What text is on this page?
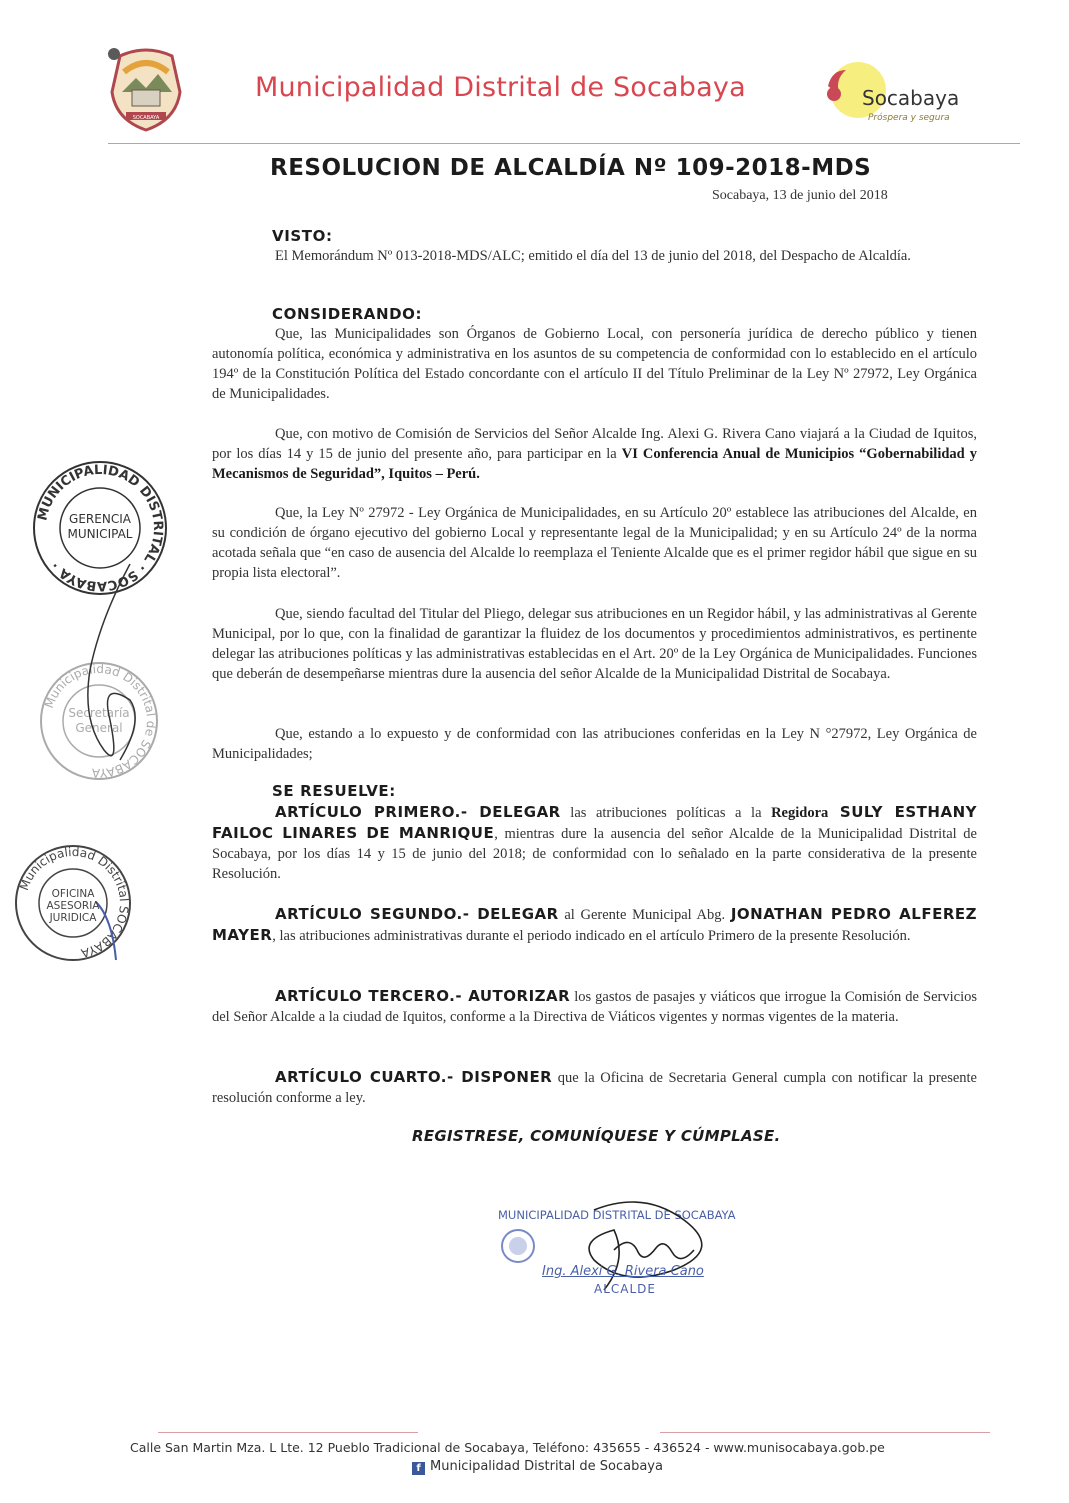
SOCABAYA
Municipalidad Distrital de Socabaya	Socabaya
Próspera y segura
RESOLUCION DE ALCALDÍA Nº 109-2018-MDS
Socabaya, 13 de junio del 2018
VISTO:
El Memorándum Nº 013-2018-MDS/ALC; emitido el día del 13 de junio del 2018, del Despacho de Alcaldía.
CONSIDERANDO:
Que, las Municipalidades son Órganos de Gobierno Local, con personería jurídica de derecho público y tienen autonomía política, económica y administrativa en los asuntos de su competencia de conformidad con lo establecido en el artículo 194º de la Constitución Política del Estado concordante con el artículo II del Título Preliminar de la Ley Nº 27972, Ley Orgánica de Municipalidades.
Que, con motivo de Comisión de Servicios del Señor Alcalde Ing. Alexi G. Rivera Cano viajará a la Ciudad de Iquitos, por los días 14 y 15 de junio del presente año, para participar en la VI Conferencia Anual de Municipios “Gobernabilidad y Mecanismos de Seguridad”, Iquitos – Perú.
Que, la Ley Nº 27972 - Ley Orgánica de Municipalidades, en su Artículo 20º establece las atribuciones del Alcalde, en su condición de órgano ejecutivo del gobierno Local y representante legal de la Municipalidad; y en su Artículo 24º de la norma acotada señala que “en caso de ausencia del Alcalde lo reemplaza el Teniente Alcalde que es el primer regidor hábil que sigue en su propia lista electoral”.
Que, siendo facultad del Titular del Pliego, delegar sus atribuciones en un Regidor hábil, y las administrativas al Gerente Municipal, por lo que, con la finalidad de garantizar la fluidez de los documentos y procedimientos administrativos, es pertinente delegar las atribuciones políticas y las administrativas establecidas en el Art. 20º de la Ley Orgánica de Municipalidades. Funciones que deberán de desempeñarse mientras dure la ausencia del señor Alcalde de la Municipalidad Distrital de Socabaya.
Que, estando a lo expuesto y de conformidad con las atribuciones conferidas en la Ley N °27972, Ley Orgánica de Municipalidades;
SE RESUELVE:
ARTÍCULO PRIMERO.- DELEGAR las atribuciones políticas a la Regidora SULY ESTHANY FAILOC LINARES DE MANRIQUE, mientras dure la ausencia del señor Alcalde de la Municipalidad Distrital de Socabaya, por los días 14 y 15 de junio del 2018; de conformidad con lo señalado en la parte considerativa de la presente Resolución.
ARTÍCULO SEGUNDO.- DELEGAR al Gerente Municipal Abg. JONATHAN PEDRO ALFEREZ MAYER, las atribuciones administrativas durante el periodo indicado en el artículo Primero de la presente Resolución.
ARTÍCULO TERCERO.- AUTORIZAR los gastos de pasajes y viáticos que irrogue la Comisión de Servicios del Señor Alcalde a la ciudad de Iquitos, conforme a la Directiva de Viáticos vigentes y normas vigentes de la materia.
ARTÍCULO CUARTO.- DISPONER que la Oficina de Secretaria General cumpla con notificar la presente resolución conforme a ley.
REGISTRESE, COMUNÍQUESE Y CÚMPLASE.
MUNICIPALIDAD DISTRITAL · SOCABAYA ·
GERENCIA
MUNICIPAL
Municipalidad Distrital de SOCABAYA
Secretaría
General
Municipalidad Distrital SOCABAYA
OFICINA
ASESORIA
JURIDICA
MUNICIPALIDAD DISTRITAL DE SOCABAYA
Ing. Alexi G. Rivera Cano
ALCALDE
Calle San Martin Mza. L Lte. 12 Pueblo Tradicional de Socabaya, Teléfono: 435655 - 436524 - www.munisocabaya.gob.pe
f Municipalidad Distrital de Socabaya
